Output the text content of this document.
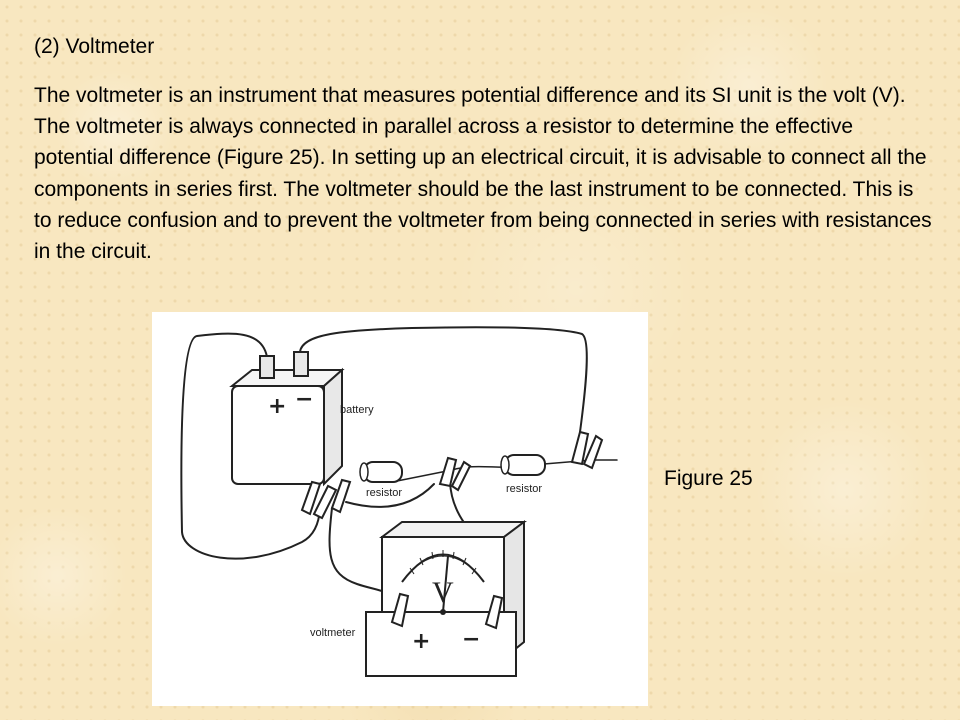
(2) Voltmeter

The voltmeter is an instrument that measures potential difference and its SI unit is the volt (V). The voltmeter is always connected in parallel across a resistor to determine the effective potential difference (Figure 25). In setting up an electrical circuit, it is advisable to connect all the components in series first. The voltmeter should be the last instrument to be connected. This is to reduce confusion and to prevent the voltmeter from being connected in series with resistances in the circuit.

+ − battery
resistor	resistor
V
+ −
voltmeter

Figure 25
